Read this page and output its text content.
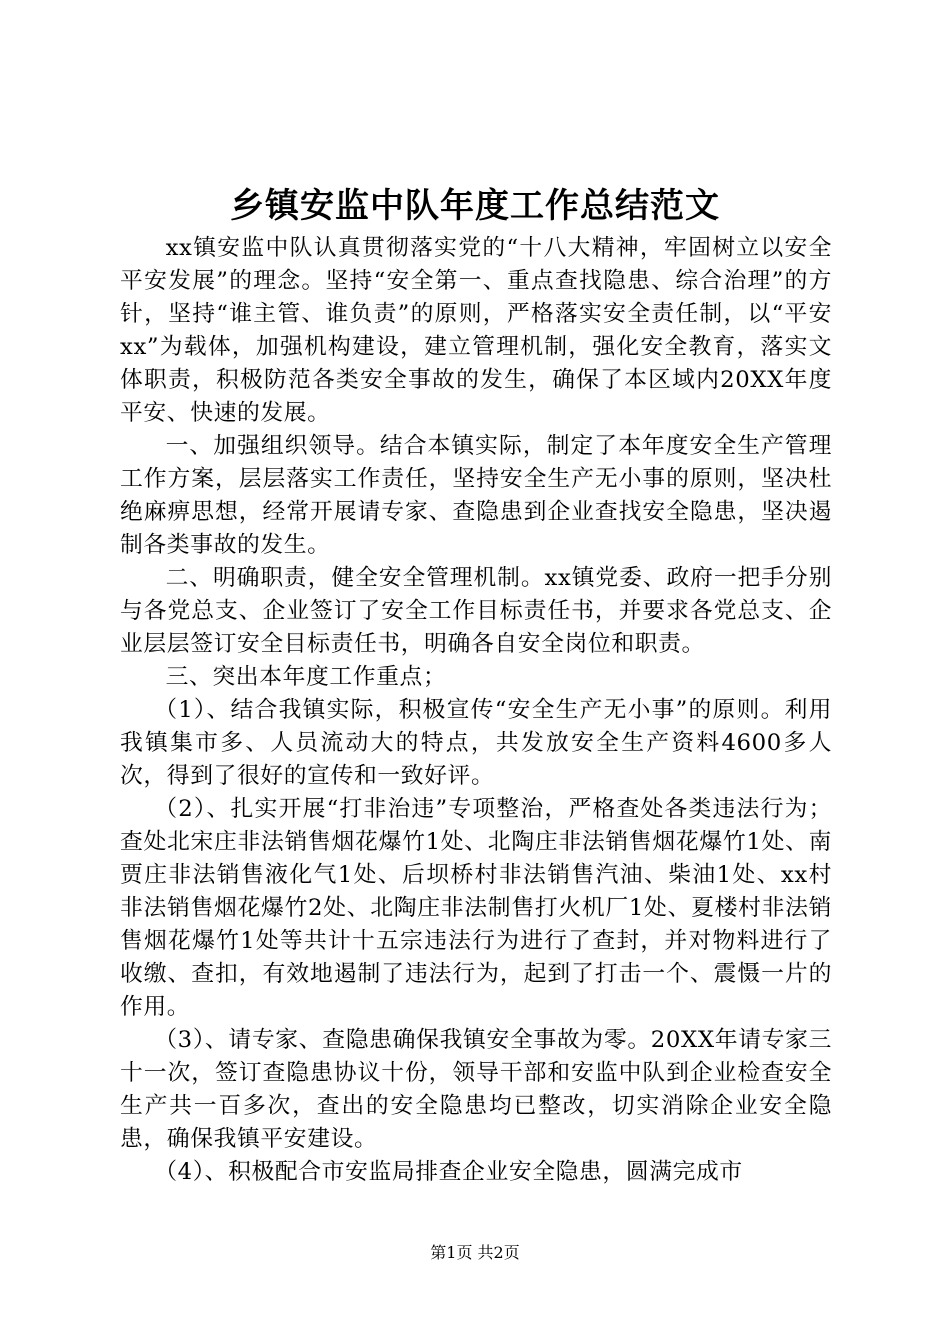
乡镇安监中队年度工作总结范文

xx镇安监中队认真贯彻落实党的“十八大精神，牢固树立以安全平安发展”的理念。坚持“安全第一、重点查找隐患、综合治理”的方针，坚持“谁主管、谁负责”的原则，严格落实安全责任制，以“平安xx”为载体，加强机构建设，建立管理机制，强化安全教育，落实文体职责，积极防范各类安全事故的发生，确保了本区域内20XX年度平安、快速的发展。

一、加强组织领导。结合本镇实际，制定了本年度安全生产管理工作方案，层层落实工作责任，坚持安全生产无小事的原则，坚决杜绝麻痹思想，经常开展请专家、查隐患到企业查找安全隐患，坚决遏制各类事故的发生。

二、明确职责，健全安全管理机制。xx镇党委、政府一把手分别与各党总支、企业签订了安全工作目标责任书，并要求各党总支、企业层层签订安全目标责任书，明确各自安全岗位和职责。

三、突出本年度工作重点；

（1）、结合我镇实际，积极宣传“安全生产无小事”的原则。利用我镇集市多、人员流动大的特点，共发放安全生产资料4600多人次，得到了很好的宣传和一致好评。

（2）、扎实开展“打非治违”专项整治，严格查处各类违法行为；查处北宋庄非法销售烟花爆竹1处、北陶庄非法销售烟花爆竹1处、南贾庄非法销售液化气1处、后坝桥村非法销售汽油、柴油1处、xx村非法销售烟花爆竹2处、北陶庄非法制售打火机厂1处、夏楼村非法销售烟花爆竹1处等共计十五宗违法行为进行了查封，并对物料进行了收缴、查扣，有效地遏制了违法行为，起到了打击一个、震慑一片的作用。

（3）、请专家、查隐患确保我镇安全事故为零。20XX年请专家三十一次，签订查隐患协议十份，领导干部和安监中队到企业检查安全生产共一百多次，查出的安全隐患均已整改，切实消除企业安全隐患，确保我镇平安建设。

（4）、积极配合市安监局排查企业安全隐患，圆满完成市

第1页 共2页
